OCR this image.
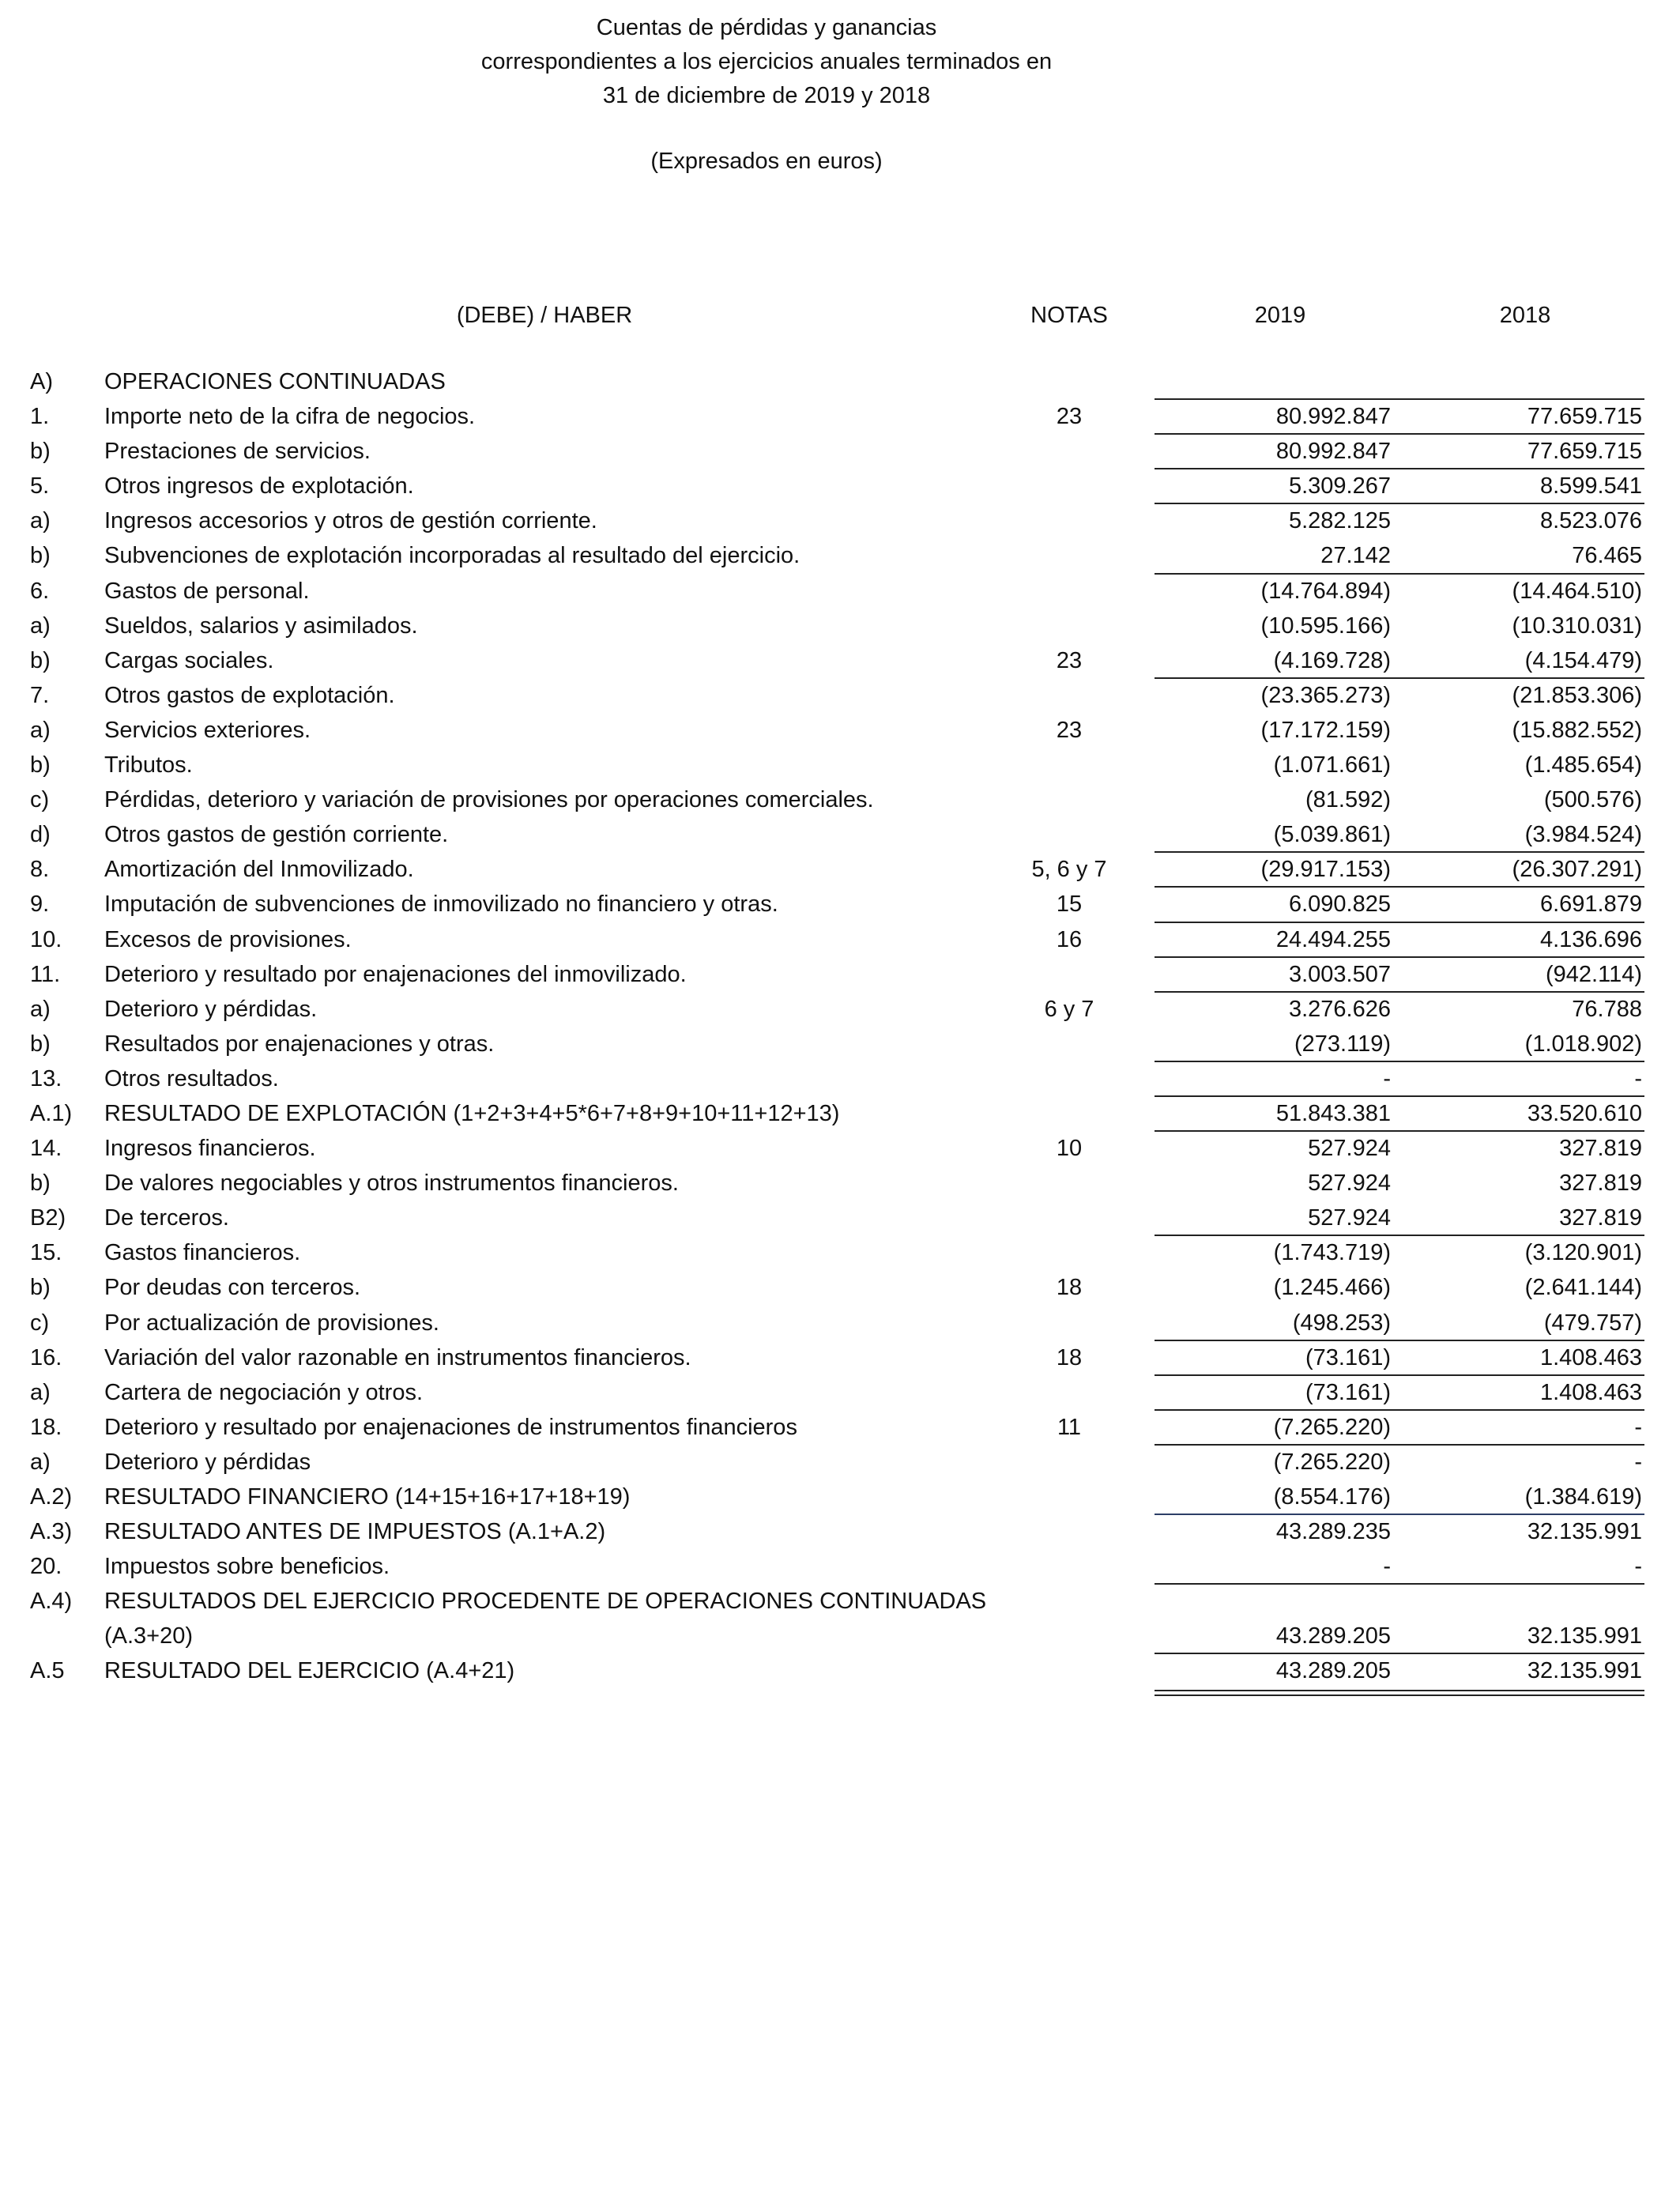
Cuentas de pérdidas y ganancias
correspondientes a los ejercicios anuales terminados en
31 de diciembre de 2019 y 2018
(Expresados en euros)
(DEBE) / HABER	NOTAS	2019	2018
A) OPERACIONES CONTINUADAS
1. Importe neto de la cifra de negocios.	23	80.992.847	77.659.715
b) Prestaciones de servicios.	80.992.847	77.659.715
5. Otros ingresos de explotación.	5.309.267	8.599.541
a) Ingresos accesorios y otros de gestión corriente.	5.282.125	8.523.076
b) Subvenciones de explotación incorporadas al resultado del ejercicio.	27.142	76.465
6. Gastos de personal.	(14.764.894)	(14.464.510)
a) Sueldos, salarios y asimilados.	(10.595.166)	(10.310.031)
b) Cargas sociales.	23	(4.169.728)	(4.154.479)
7. Otros gastos de explotación.	(23.365.273)	(21.853.306)
a) Servicios exteriores.	23	(17.172.159)	(15.882.552)
b) Tributos.	(1.071.661)	(1.485.654)
c) Pérdidas, deterioro y variación de provisiones por operaciones comerciales.	(81.592)	(500.576)
d) Otros gastos de gestión corriente.	(5.039.861)	(3.984.524)
8. Amortización del Inmovilizado.	5, 6 y 7	(29.917.153)	(26.307.291)
9. Imputación de subvenciones de inmovilizado no financiero y otras.	15	6.090.825	6.691.879
10. Excesos de provisiones.	16	24.494.255	4.136.696
11. Deterioro y resultado por enajenaciones del inmovilizado.	3.003.507	(942.114)
a) Deterioro y pérdidas.	6 y 7	3.276.626	76.788
b) Resultados por enajenaciones y otras.	(273.119)	(1.018.902)
13. Otros resultados.	-	-
A.1) RESULTADO DE EXPLOTACIÓN (1+2+3+4+5*6+7+8+9+10+11+12+13)	51.843.381	33.520.610
14. Ingresos financieros.	10	527.924	327.819
b) De valores negociables y otros instrumentos financieros.	527.924	327.819
B2) De terceros.	527.924	327.819
15. Gastos financieros.	(1.743.719)	(3.120.901)
b) Por deudas con terceros.	18	(1.245.466)	(2.641.144)
c) Por actualización de provisiones.	(498.253)	(479.757)
16. Variación del valor razonable en instrumentos financieros.	18	(73.161)	1.408.463
a) Cartera de negociación y otros.	(73.161)	1.408.463
18. Deterioro y resultado por enajenaciones de instrumentos financieros	11	(7.265.220)	-
a) Deterioro y pérdidas	(7.265.220)	-
A.2) RESULTADO FINANCIERO (14+15+16+17+18+19)	(8.554.176)	(1.384.619)
A.3) RESULTADO ANTES DE IMPUESTOS (A.1+A.2)	43.289.235	32.135.991
20. Impuestos sobre beneficios.	-	-
A.4) RESULTADOS DEL EJERCICIO PROCEDENTE DE OPERACIONES CONTINUADAS
(A.3+20)	43.289.205	32.135.991
A.5 RESULTADO DEL EJERCICIO (A.4+21)	43.289.205	32.135.991
